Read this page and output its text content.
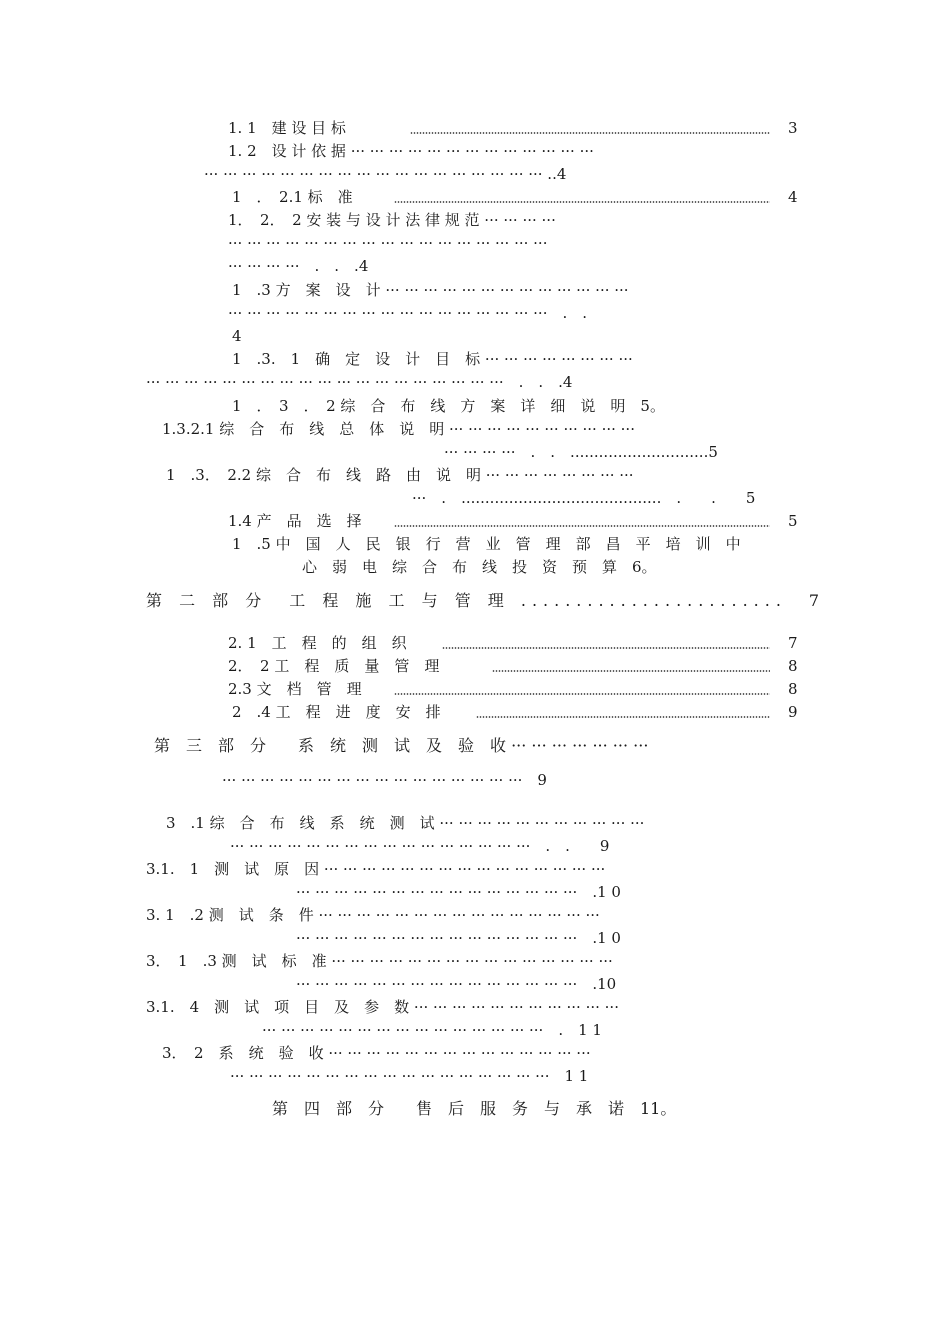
1. 1　建 设 目 标	3
1. 2　设 计 依 据 ··· ··· ··· ··· ··· ··· ··· ··· ··· ··· ··· ··· ···
··· ··· ··· ··· ··· ··· ··· ··· ··· ··· ··· ··· ··· ··· ··· ··· ··· ··· ..4
1　．　2.1 标　准	4
1．　2．　2 安 装 与 设 计 法 律 规 范 ··· ··· ··· ···
··· ··· ··· ··· ··· ··· ··· ··· ··· ··· ··· ··· ··· ··· ··· ··· ···
··· ··· ··· ···　.　.　.4
1　.3 方　案　设　计 ··· ··· ··· ··· ··· ··· ··· ··· ··· ··· ··· ··· ···
··· ··· ··· ··· ··· ··· ··· ··· ··· ··· ··· ··· ··· ··· ··· ··· ···　.　.
4
1　.3.　1　确　定　设　计　目　标 ··· ··· ··· ··· ··· ··· ··· ···
··· ··· ··· ··· ··· ··· ··· ··· ··· ··· ··· ··· ··· ··· ··· ··· ··· ··· ···　.　.　.4
1　．　3　．　2 综　合　布　线　方　案　详　细　说　明　5。
1.3.2.1 综　合　布　线　总　体　说　明 ··· ··· ··· ··· ··· ··· ··· ··· ··· ···
··· ··· ··· ···　.　.　.............................5
1　.3．　2.2 综　合　布　线　路　由　说　明 ··· ··· ··· ··· ··· ··· ··· ···
···　.　..........................................　.　　.　　5
1.4 产　品　选　择	5
1　.5 中　国　人　民　银　行　营　业　管　理　部　昌　平　培　训　中
心　弱　电　综　合　布　线　投　资　预　算　6。
第 二 部 分　工 程 施 工 与 管 理 ........................　7
2. 1　工　程　的　组　织	7
2．　2 工　程　质　量　管　理	8
2.3 文　档　管　理	8
2　.4 工　程　进　度　安　排	9
第　三　部　分　　系　统　测　试　及　验　收 ··· ··· ··· ··· ··· ··· ···
··· ··· ··· ··· ··· ··· ··· ··· ··· ··· ··· ··· ··· ··· ··· ···　9
3　.1 综　合　布　线　系　统　测　试 ··· ··· ··· ··· ··· ··· ··· ··· ··· ··· ···
··· ··· ··· ··· ··· ··· ··· ··· ··· ··· ··· ··· ··· ··· ··· ···　.　.　　9
3.1.　1　测　试　原　因 ··· ··· ··· ··· ··· ··· ··· ··· ··· ··· ··· ··· ··· ··· ···
··· ··· ··· ··· ··· ··· ··· ··· ··· ··· ··· ··· ··· ··· ···　.1 0
3. 1　.2 测　试　条　件 ··· ··· ··· ··· ··· ··· ··· ··· ··· ··· ··· ··· ··· ··· ···
··· ··· ··· ··· ··· ··· ··· ··· ··· ··· ··· ··· ··· ··· ···　.1 0
3．　1　.3 测　试　标　准 ··· ··· ··· ··· ··· ··· ··· ··· ··· ··· ··· ··· ··· ··· ···
··· ··· ··· ··· ··· ··· ··· ··· ··· ··· ··· ··· ··· ··· ···　.10
3.1.　4　测　试　项　目　及　参　数 ··· ··· ··· ··· ··· ··· ··· ··· ··· ··· ···
··· ··· ··· ··· ··· ··· ··· ··· ··· ··· ··· ··· ··· ··· ···　.　1 1
3．　2　系　统　验　收 ··· ··· ··· ··· ··· ··· ··· ··· ··· ··· ··· ··· ··· ···
··· ··· ··· ··· ··· ··· ··· ··· ··· ··· ··· ··· ··· ··· ··· ··· ···　1 1
第　四　部　分　　售　后　服　务　与　承　诺　11。
